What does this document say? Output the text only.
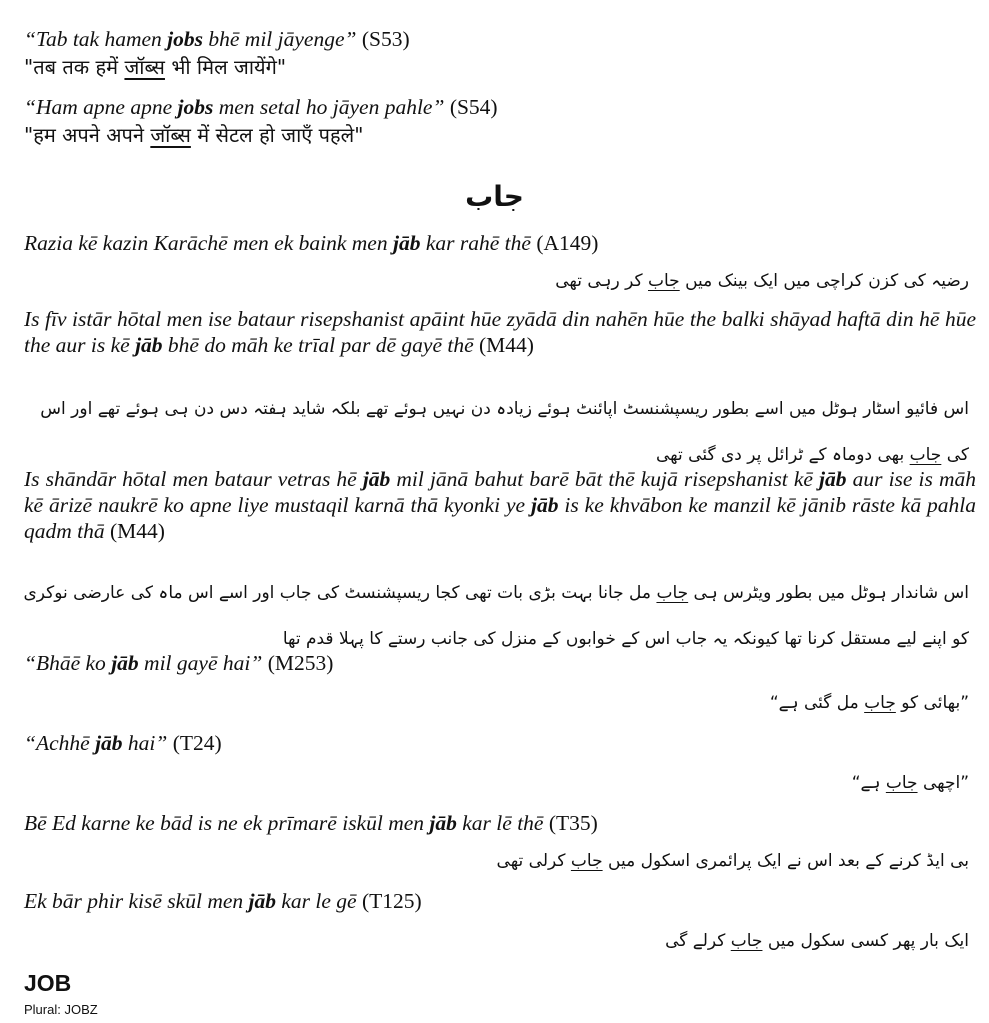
“Tab tak hamen jobs bhē mil jāyenge” (S53)
"तब तक हमें जॉब्स भी मिल जायेंगे"
“Ham apne apne jobs men setal ho jāyen pahle” (S54)
"हम अपने अपने जॉब्स में सेटल हो जाएँ पहले"
جاب
Razia kē kazin Karāchē men ek baink men jāb kar rahē thē (A149)
رضیہ کی کزن کراچی میں ایک بینک میں جاب کر رہی تھی
Is fīv istār hōtal men ise bataur risepshanist apāint hūe zyādā din nahēn hūe the balki shāyad haftā din hē hūe the aur is kē jāb bhē do māh ke trīal par dē gayē thē (M44)
اس فائیو اسٹار ہوٹل میں اسے بطور ریسپشنسٹ اپائنٹ ہوئے زیادہ دن نہیں ہوئے تھے بلکہ شاید ہفتہ دس دن ہی ہوئے تھے اور اس کی جاب بھی دوماہ کے ٹرائل پر دی گئی تھی
Is shāndār hōtal men bataur vetras hē jāb mil jānā bahut barē bāt thē kujā risepshanist kē jāb aur ise is māh kē ārizē naukrē ko apne liye mustaqil karnā thā kyonki ye jāb is ke khvābon ke manzil kē jānib rāste kā pahla qadm thā (M44)
اس شاندار ہوٹل میں بطور ویٹرس ہی جاب مل جانا بہت بڑی بات تھی کجا ریسپشنسٹ کی جاب اور اسے اس ماہ کی عارضی نوکری کو اپنے لیے مستقل کرنا تھا کیونکہ یہ جاب اس کے خوابوں کے منزل کی جانب رستے کا پہلا قدم تھا
“Bhāē ko jāb mil gayē hai” (M253)
”بھائی کو جاب مل گئی ہے“
“Achhē jāb hai” (T24)
”اچھی جاب ہے“
Bē Ed karne ke bād is ne ek prīmarē iskūl men jāb kar lē thē (T35)
بی ایڈ کرنے کے بعد اس نے ایک پرائمری اسکول میں جاب کرلی تھی
Ek bār phir kisē skūl men jāb kar le gē (T125)
ایک بار پھر کسی سکول میں جاب کرلے گی
JOB
Plural: JOBZ
